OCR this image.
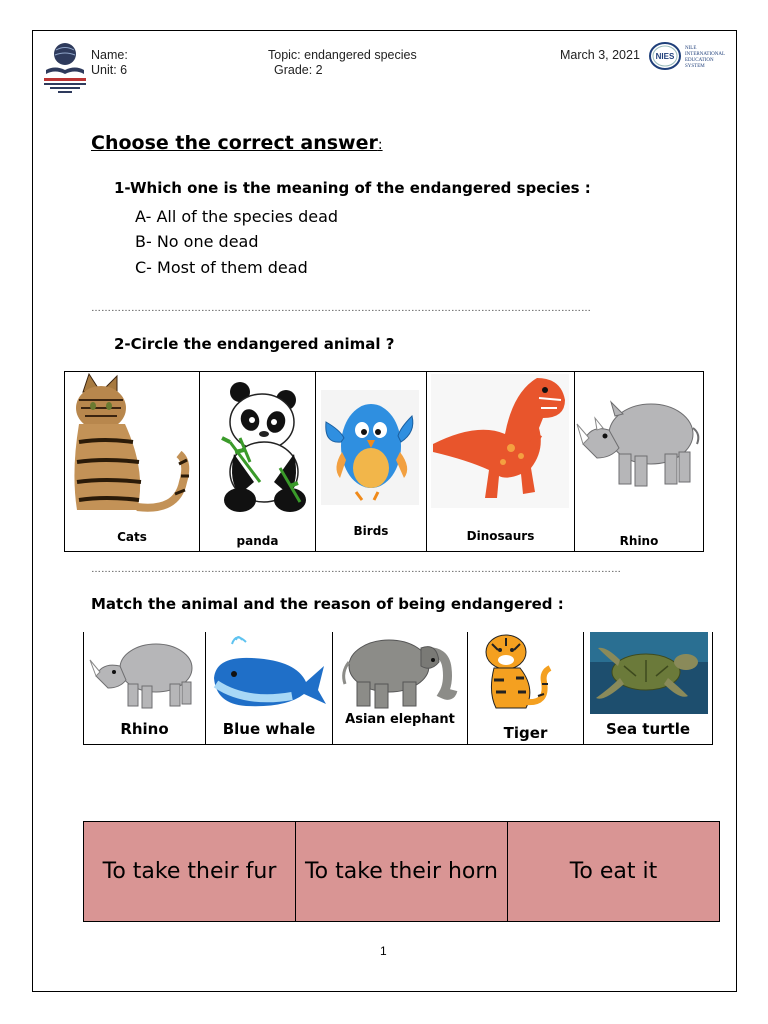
Name:
Unit: 6
Topic: endangered species
Grade: 2
March 3, 2021 NIES
NILE INTERNATIONAL EDUCATION SYSTEM
Choose the correct answer:
1-Which one is the meaning of the endangered species :
A- All of the species dead
B- No one dead
C- Most of them dead
……………………………………………………………………………………………………………………………………
2-Circle the endangered animal ?
Cats	panda
Birds	Dinosaurs	Rhino
……………………………………………………………………………………………………………………………………………
Match the animal and the reason of being endangered :
Rhino	Blue whale
Asian elephant
Tiger	Sea turtle
To take their fur	To take their horn	To eat it
1
